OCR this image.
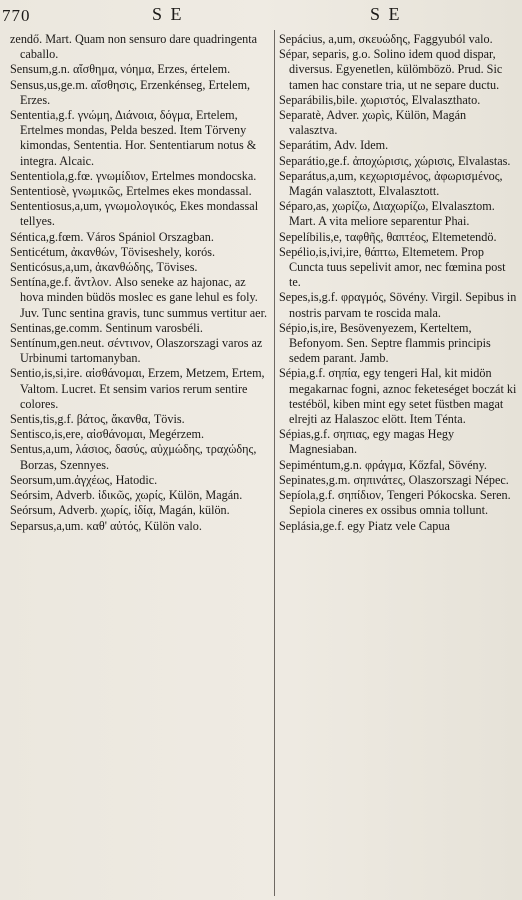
770	S E	S E

zendő. Mart. Quam non sensuro dare quadringenta caballo.

Sensum,g.n. αἴσθημα, νόημα, Erzes, értelem.

Sensus,us,ge.m. αἴσθησις, Erzenkénseg, Ertelem, Erzes.

Sententia,g.f. γνώμη, Διάνοια, δόγμα, Ertelem, Ertelmes mondas, Pelda beszed. Item Törveny kimondas, Sententia. Hor. Sententiarum notus & integra. Alcaic.

Sententiola,g.fœ. γνωμίδιον, Ertelmes mondocska.

Sententiosè, γνωμικῶς, Ertelmes ekes mondassal.

Sententiosus,a,um, γνωμολογικός, Ekes mondassal tellyes.

Séntica,g.fœm. Város Spániol Orszagban.

Senticétum, ἀκανθών, Töviseshely, korós.

Senticósus,a,um, ἀκανθώδης, Tövises.

Sentína,ge.f. ἄντλον. Also seneke az hajonac, az hova minden büdös moslec es gane lehul es foly. Juv. Tunc sentina gravis, tunc summus vertitur aer.

Sentinas,ge.comm. Sentinum varosbéli.

Sentínum,gen.neut. σέντινον, Olaszorszagi varos az Urbinumi tartomanyban.

Sentio,is,si,ire. αἰσθάνομαι, Erzem, Metzem, Ertem, Valtom. Lucret. Et sensim varios rerum sentire colores.

Sentis,tis,g.f. βάτος, ἄκανθα, Tövis.

Sentisco,is,ere, αἰσθάνομαι, Megérzem.

Sentus,a,um, λάσιος, δασύς, αὐχμώδης, τραχώδης, Borzas, Szennyes.

Seorsum,um.ἀγχέως, Hatodic.

Seórsim, Adverb. ἰδικῶς, χωρίς, Külön, Magán.

Seórsum, Adverb. χωρίς, ἰδίᾳ, Magán, külön.

Separsus,a,um. καθ' αὐτός, Külön valo.

Sepácius, a,um, σκευώδης, Faggyuból valo.

Sépar, separis, g.o. Solino idem quod dispar, diversus. Egyenetlen, külömbözö. Prud. Sic tamen hac constare tria, ut ne separe ductu.

Separábilis,bile. χωριστός, Elvalaszthato.

Separatè, Adver. χωρὶς, Külön, Magán valasztva.

Separátim, Adv. Idem.

Separátio,ge.f. ἀποχώρισις, χώρισις, Elvalastas.

Separátus,a,um, κεχωρισμένος, ἀφωρισμένος, Magán valasztott, Elvalasztott.

Séparo,as, χωρίζω, Διαχωρίζω, Elvalasztom. Mart. A vita meliore separentur Phai.

Sepelíbilis,e, ταφθῆς, θαπτέος, Eltemetendö.

Sepélio,is,ivi,ire, θάπτω, Eltemetem. Prop Cuncta tuus sepelivit amor, nec fœmina post te.

Sepes,is,g.f. φραγμός, Sövény. Virgil. Sepibus in nostris parvam te roscida mala.

Sépio,is,ire, Besövenyezem, Kerteltem, Befonyom. Sen. Septre flammis principis sedem parant. Jamb.

Sépia,g.f. σηπία, egy tengeri Hal, kit midön megakarnac fogni, aznoc feketeséget boczát ki testéböl, kiben mint egy setet füstben magat elrejti az Halaszoc elött. Item Ténta.

Sépias,g.f. σηπιας, egy magas Hegy Magnesiaban.

Sepiméntum,g.n. φράγμα, Kőzfal, Sövény.

Sepinates,g.m. σηπινάτες, Olaszorszagi Népec.

Sepíola,g.f. σηπίδιον, Tengeri Pókocska. Seren. Sepiola cineres ex ossibus omnia tollunt.

Seplásia,ge.f. egy Piatz vele Capua
